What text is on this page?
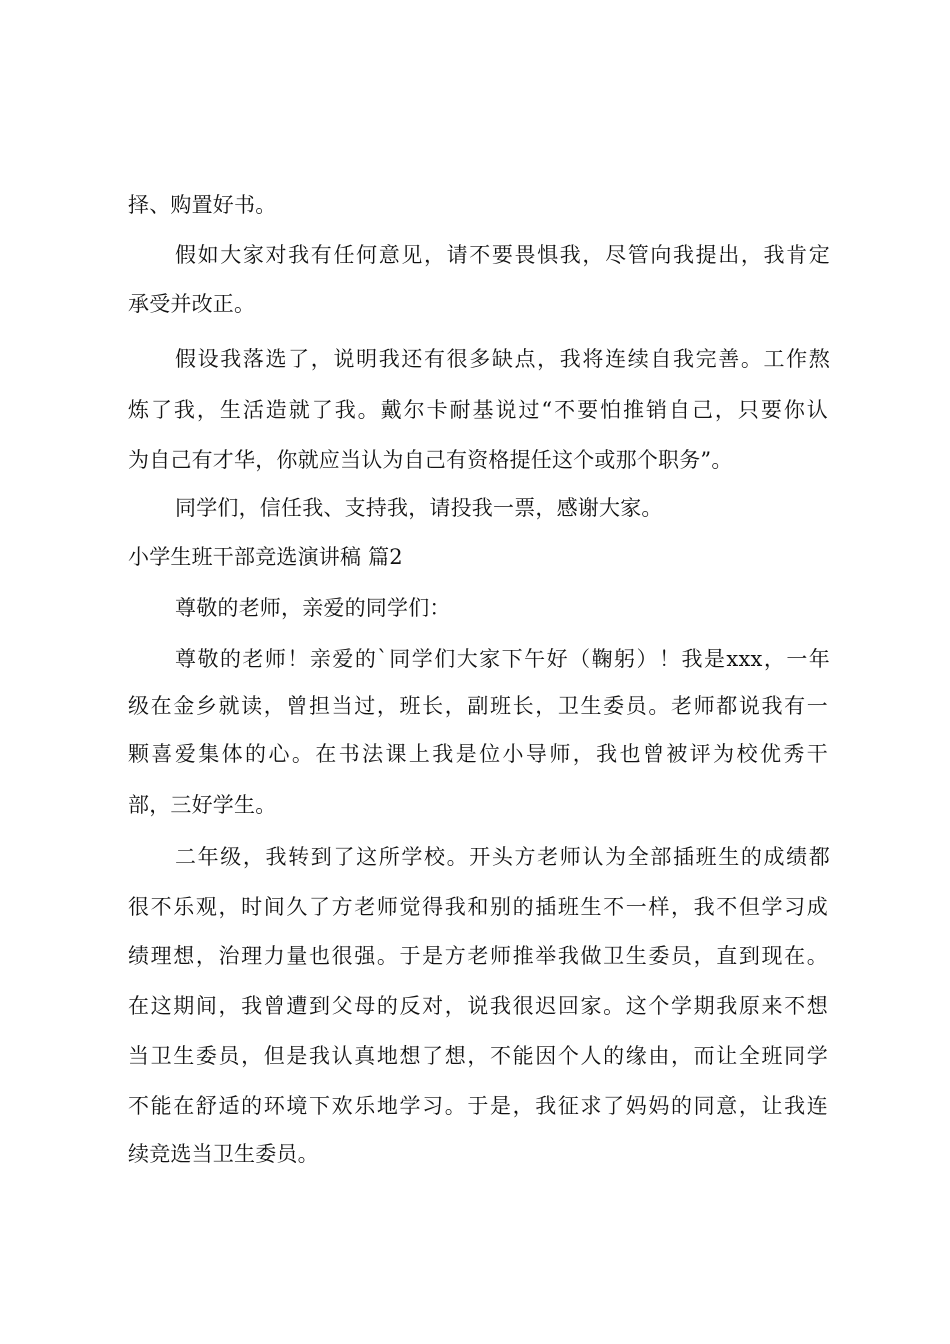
择、购置好书。
假如大家对我有任何意见，请不要畏惧我，尽管向我提出，我肯定
承受并改正。
假设我落选了，说明我还有很多缺点，我将连续自我完善。工作熬
炼了我，生活造就了我。戴尔卡耐基说过“不要怕推销自己，只要你认
为自己有才华，你就应当认为自己有资格提任这个或那个职务”。
同学们，信任我、支持我，请投我一票，感谢大家。
小学生班干部竞选演讲稿 篇2
尊敬的老师，亲爱的同学们：
尊敬的老师！亲爱的`同学们大家下午好（鞠躬）！我是xxx，一年
级在金乡就读，曾担当过，班长，副班长，卫生委员。老师都说我有一
颗喜爱集体的心。在书法课上我是位小导师，我也曾被评为校优秀干
部，三好学生。
二年级，我转到了这所学校。开头方老师认为全部插班生的成绩都
很不乐观，时间久了方老师觉得我和别的插班生不一样，我不但学习成
绩理想，治理力量也很强。于是方老师推举我做卫生委员，直到现在。
在这期间，我曾遭到父母的反对，说我很迟回家。这个学期我原来不想
当卫生委员，但是我认真地想了想，不能因个人的缘由，而让全班同学
不能在舒适的环境下欢乐地学习。于是，我征求了妈妈的同意，让我连
续竞选当卫生委员。
